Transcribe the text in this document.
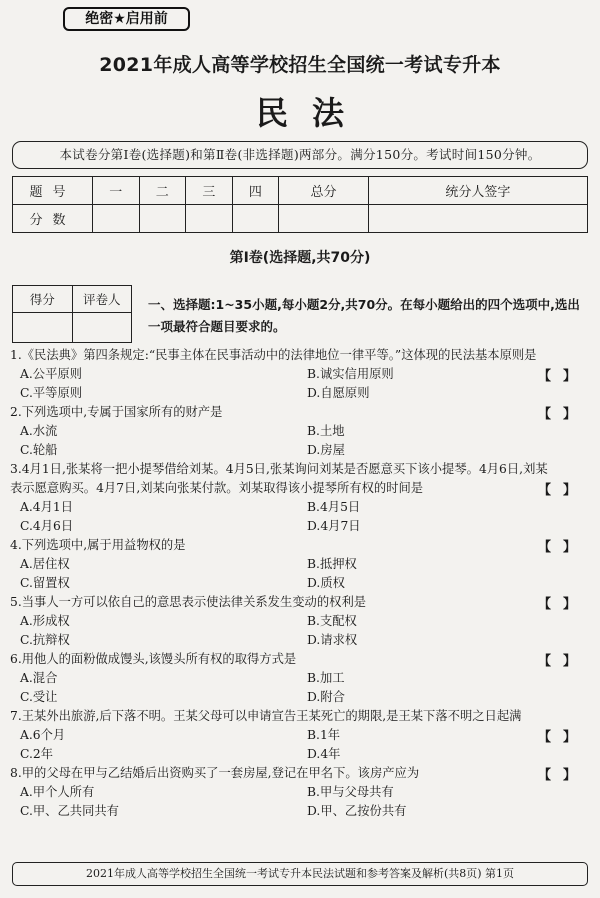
绝密★启用前
2021年成人高等学校招生全国统一考试专升本
民法
本试卷分第Ⅰ卷(选择题)和第Ⅱ卷(非选择题)两部分。满分150分。考试时间150分钟。
题号	一	二	三	四	总分	统分人签字
分数						
第Ⅰ卷(选择题,共70分)
得分	评卷人
	一、选择题:1~35小题,每小题2分,共70分。在每小题给出的四个选项中,选出一项最符合题目要求的。
1.《民法典》第四条规定:“民事主体在民事活动中的法律地位一律平等。”这体现的民法基本原则是
【】
A.公平原则	B.诚实信用原则
C.平等原则	D.自愿原则
2.下列选项中,专属于国家所有的财产是	【】
A.水流	B.土地
C.轮船	D.房屋
3.4月1日,张某将一把小提琴借给刘某。4月5日,张某询问刘某是否愿意买下该小提琴。4月6日,刘某表示愿意购买。4月7日,刘某向张某付款。刘某取得该小提琴所有权的时间是	【】
A.4月1日	B.4月5日
C.4月6日	D.4月7日
4.下列选项中,属于用益物权的是	【】
A.居住权	B.抵押权
C.留置权	D.质权
5.当事人一方可以依自己的意思表示使法律关系发生变动的权利是	【】
A.形成权	B.支配权
C.抗辩权	D.请求权
6.用他人的面粉做成馒头,该馒头所有权的取得方式是	【】
A.混合	B.加工
C.受让	D.附合
7.王某外出旅游,后下落不明。王某父母可以申请宣告王某死亡的期限,是王某下落不明之日起满
【】
A.6个月	B.1年
C.2年	D.4年
8.甲的父母在甲与乙结婚后出资购买了一套房屋,登记在甲名下。该房产应为	【】
A.甲个人所有	B.甲与父母共有
C.甲、乙共同共有	D.甲、乙按份共有
2021年成人高等学校招生全国统一考试专升本民法试题和参考答案及解析(共8页) 第1页
